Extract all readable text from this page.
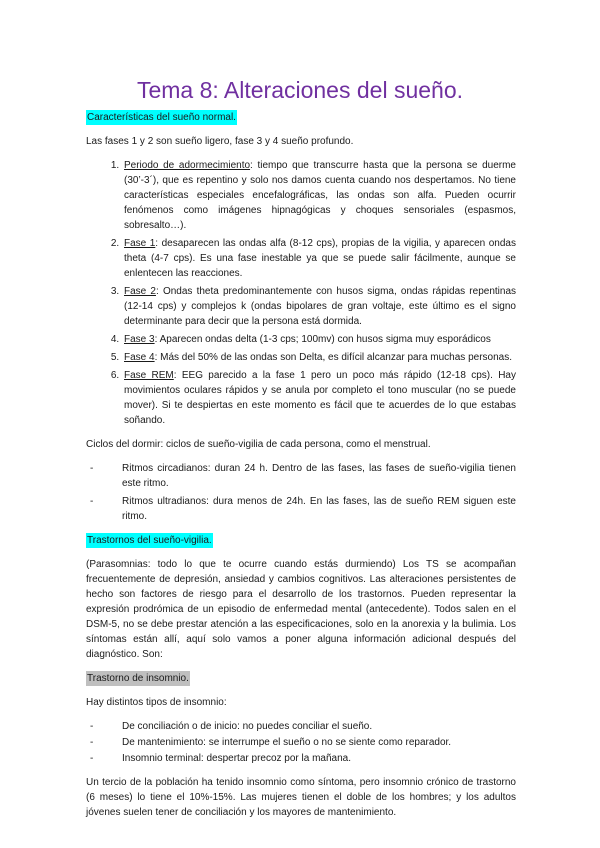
Tema 8: Alteraciones del sueño.

Características del sueño normal.

Las fases 1 y 2 son sueño ligero, fase 3 y 4 sueño profundo.

1. Periodo de adormecimiento: tiempo que transcurre hasta que la persona se duerme (30’-3´), que es repentino y solo nos damos cuenta cuando nos despertamos. No tiene características especiales encefalográficas, las ondas son alfa. Pueden ocurrir fenómenos como imágenes hipnagógicas y choques sensoriales (espasmos, sobresalto…).
2. Fase 1: desaparecen las ondas alfa (8-12 cps), propias de la vigilia, y aparecen ondas theta (4-7 cps). Es una fase inestable ya que se puede salir fácilmente, aunque se enlentecen las reacciones.
3. Fase 2: Ondas theta predominantemente con husos sigma, ondas rápidas repentinas (12-14 cps) y complejos k (ondas bipolares de gran voltaje, este último es el signo determinante para decir que la persona está dormida.
4. Fase 3: Aparecen ondas delta (1-3 cps; 100mv) con husos sigma muy esporádicos
5. Fase 4: Más del 50% de las ondas son Delta, es difícil alcanzar para muchas personas.
6. Fase REM: EEG parecido a la fase 1 pero un poco más rápido (12-18 cps). Hay movimientos oculares rápidos y se anula por completo el tono muscular (no se puede mover). Si te despiertas en este momento es fácil que te acuerdes de lo que estabas soñando.

Ciclos del dormir: ciclos de sueño-vigilia de cada persona, como el menstrual.

-	Ritmos circadianos: duran 24 h. Dentro de las fases, las fases de sueño-vigilia tienen este ritmo.
-	Ritmos ultradianos: dura menos de 24h. En las fases, las de sueño REM siguen este ritmo.

Trastornos del sueño-vigilia.

(Parasomnias: todo lo que te ocurre cuando estás durmiendo) Los TS se acompañan frecuentemente de depresión, ansiedad y cambios cognitivos. Las alteraciones persistentes de hecho son factores de riesgo para el desarrollo de los trastornos. Pueden representar la expresión prodrómica de un episodio de enfermedad mental (antecedente). Todos salen en el DSM-5, no se debe prestar atención a las especificaciones, solo en la anorexia y la bulimia. Los síntomas están allí, aquí solo vamos a poner alguna información adicional después del diagnóstico. Son:

Trastorno de insomnio.

Hay distintos tipos de insomnio:

-	De conciliación o de inicio: no puedes conciliar el sueño.
-	De mantenimiento: se interrumpe el sueño o no se siente como reparador.
-	Insomnio terminal: despertar precoz por la mañana.

Un tercio de la población ha tenido insomnio como síntoma, pero insomnio crónico de trastorno (6 meses) lo tiene el 10%-15%. Las mujeres tienen el doble de los hombres; y los adultos jóvenes suelen tener de conciliación y los mayores de mantenimiento.
